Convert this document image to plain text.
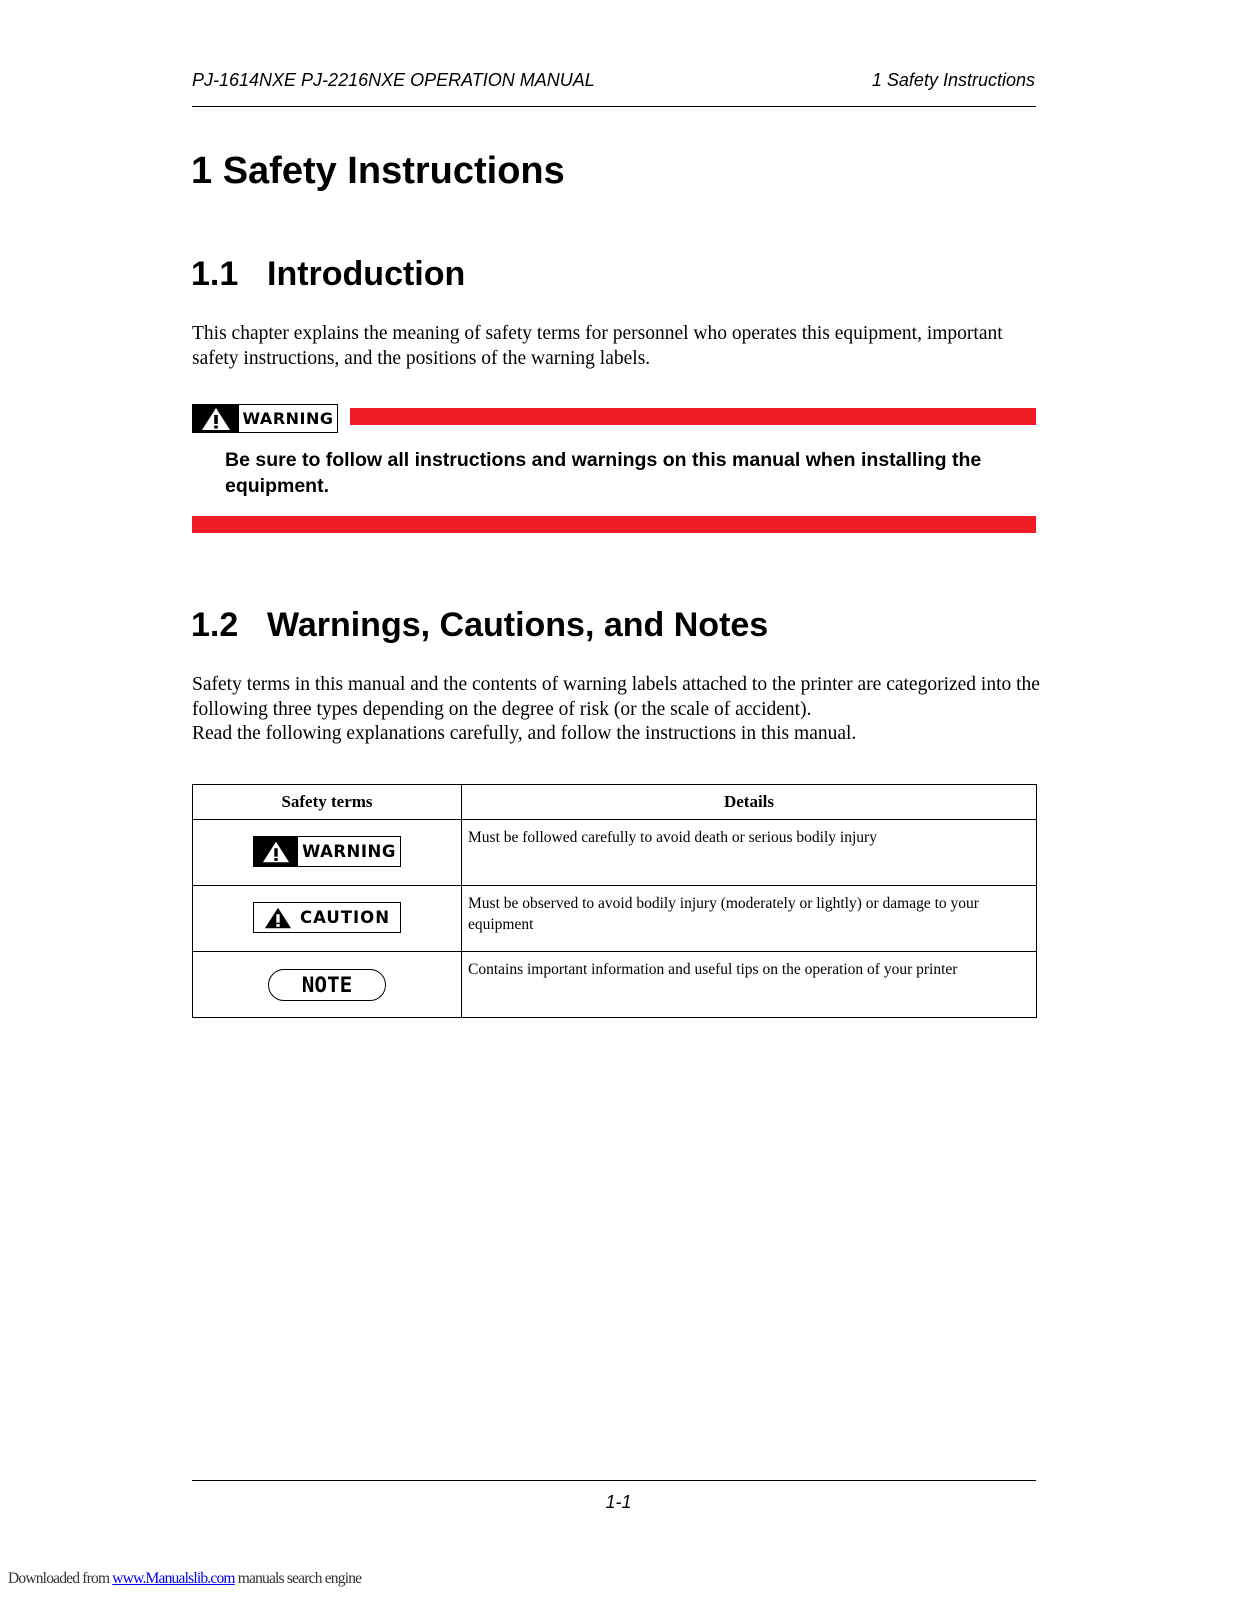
PJ-1614NXE PJ-2216NXE OPERATION MANUAL	1 Safety Instructions
1 Safety Instructions
1.1 Introduction

This chapter explains the meaning of safety terms for personnel who operates this equipment, important safety instructions, and the positions of the warning labels.

WARNING
Be sure to follow all instructions and warnings on this manual when installing the equipment.
1.2 Warnings, Cautions, and Notes

Safety terms in this manual and the contents of warning labels attached to the printer are categorized into the following three types depending on the degree of risk (or the scale of accident).

Read the following explanations carefully, and follow the instructions in this manual.

Safety terms	Details

WARNING	Must be followed carefully to avoid death or serious bodily injury

CAUTION	Must be observed to avoid bodily injury (moderately or lightly) or damage to your equipment
NOTE	Contains important information and useful tips on the operation of your printer
1-1
Downloaded from www.Manualslib.com manuals search engine
